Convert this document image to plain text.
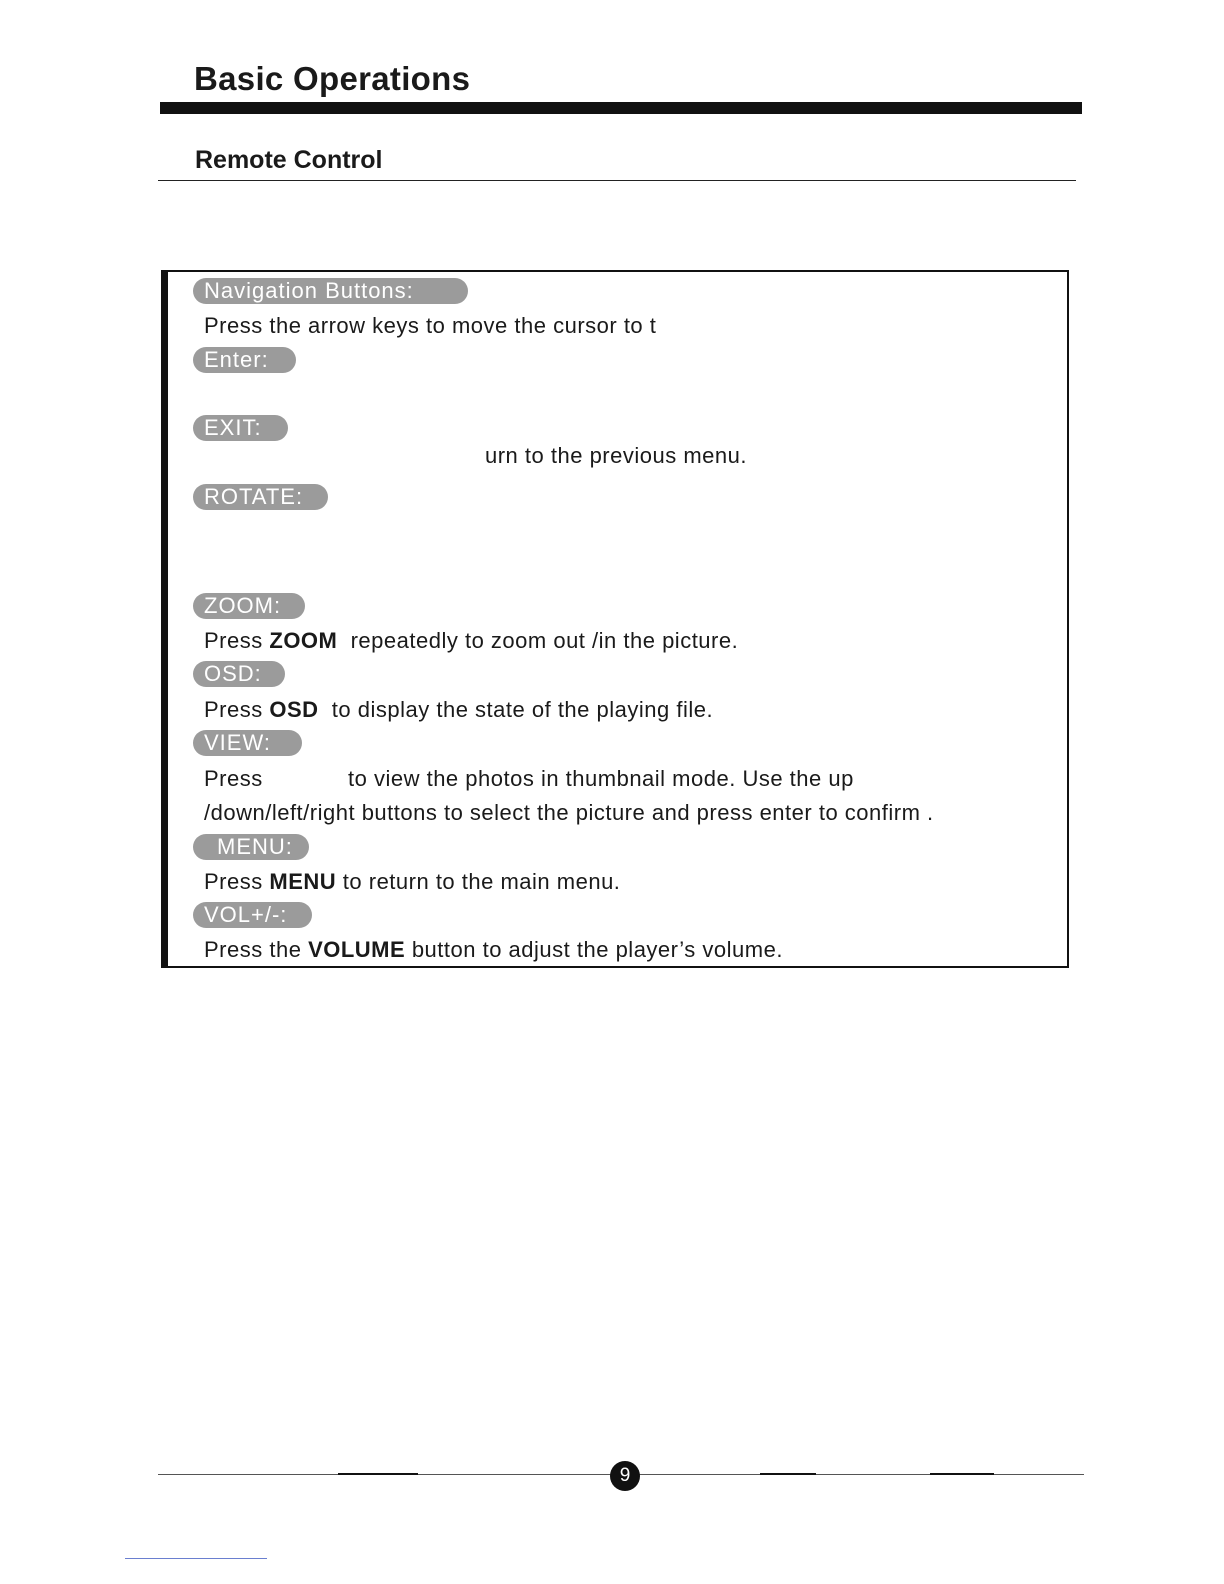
Basic Operations
Remote Control
Navigation Buttons:
Press the arrow keys to move the cursor to t
Enter:
EXIT:
urn to the previous menu.
ROTATE:
ZOOM:
Press ZOOM repeatedly to zoom out /in the picture.
OSD:
Press OSD to display the state of the playing file.
VIEW:
Press	to view the photos in thumbnail mode. Use the up
/down/left/right buttons to select the picture and press enter to confirm .
MENU:
Press MENU to return to the main menu.
VOL+/-:
Press the VOLUME button to adjust the player’s volume.
9
